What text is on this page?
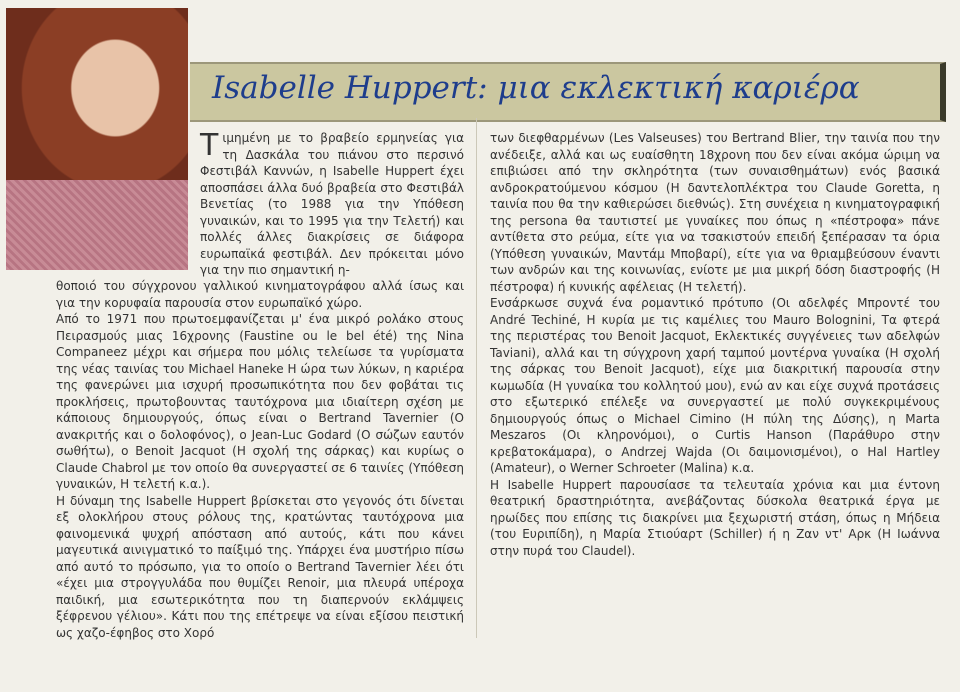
Isabelle Huppert: μια εκλεκτική καριέρα

Τ ιμημένη με το βραβείο ερμηνείας για τη Δασκάλα του πιάνου στο περσινό Φεστιβάλ Καννών, η Isabelle Huppert έχει αποσπάσει άλλα δυό βραβεία στο Φεστιβάλ Βενετίας (το 1988 για την Υπόθεση γυναικών, και το 1995 για την Τελετή) και πολλές άλλες διακρίσεις σε διάφορα ευρωπαϊκά φεστιβάλ. Δεν πρόκειται μόνο για την πιο σημαντική η-

θοποιό του σύγχρονου γαλλικού κινηματογράφου αλλά ίσως και για την κορυφαία παρουσία στον ευρωπαϊκό χώρο.

Από το 1971 που πρωτοεμφανίζεται μ' ένα μικρό ρολάκο στους Πειρασμούς μιας 16χρονης (Faustine ou le bel été) της Nina Companeez μέχρι και σήμερα που μόλις τελείωσε τα γυρίσματα της νέας ταινίας του Michael Haneke Η ώρα των λύκων, η καριέρα της φανερώνει μια ισχυρή προσωπικότητα που δεν φοβάται τις προκλήσεις, πρωτοβουντας ταυτόχρονα μια ιδιαίτερη σχέση με κάποιους δημιουργούς, όπως είναι ο Bertrand Tavernier (Ο ανακριτής και ο δολοφόνος), ο Jean-Luc Godard (Ο σώζων εαυτόν σωθήτω), ο Benoit Jacquot (Η σχολή της σάρκας) και κυρίως ο Claude Chabrol με τον οποίο θα συνεργαστεί σε 6 ταινίες (Υπόθεση γυναικών, Η τελετή κ.α.).

Η δύναμη της Isabelle Huppert βρίσκεται στο γεγονός ότι δίνεται εξ ολοκλήρου στους ρόλους της, κρατώντας ταυτόχρονα μια φαινομενικά ψυχρή απόσταση από αυτούς, κάτι που κάνει μαγευτικά αινιγματικό το παίξιμό της. Υπάρχει ένα μυστήριο πίσω από αυτό το πρόσωπο, για το οποίο ο Bertrand Tavernier λέει ότι «έχει μια στρογγυλάδα που θυμίζει Renoir, μια πλευρά υπέροχα παιδική, μια εσωτερικότητα που τη διαπερνούν εκλάμψεις ξέφρενου γέλιου». Κάτι που της επέτρεψε να είναι εξίσου πειστική ως χαζο-έφηβος στο Χορό

των διεφθαρμένων (Les Valseuses) του Bertrand Blier, την ταινία που την ανέδειξε, αλλά και ως ευαίσθητη 18χρονη που δεν είναι ακόμα ώριμη να επιβιώσει από την σκληρότητα (των συναισθημάτων) ενός βασικά ανδροκρατούμενου κόσμου (Η δαντελοπλέκτρα του Claude Goretta, η ταινία που θα την καθιερώσει διεθνώς). Στη συνέχεια η κινηματογραφική της persona θα ταυτιστεί με γυναίκες που όπως η «πέστροφα» πάνε αντίθετα στο ρεύμα, είτε για να τσακιστούν επειδή ξεπέρασαν τα όρια (Υπόθεση γυναικών, Μαντάμ Μποβαρί), είτε για να θριαμβεύσουν έναντι των ανδρών και της κοινωνίας, ενίοτε με μια μικρή δόση διαστροφής (Η πέστροφα) ή κυνικής αφέλειας (Η τελετή).

Ενσάρκωσε συχνά ένα ρομαντικό πρότυπο (Οι αδελφές Μπροντέ του André Techiné, Η κυρία με τις καμέλιες του Mauro Bolognini, Τα φτερά της περιστέρας του Benoit Jacquot, Εκλεκτικές συγγένειες των αδελφών Taviani), αλλά και τη σύγχρονη χαρή ταμπού μοντέρνα γυναίκα (Η σχολή της σάρκας του Benoit Jacquot), είχε μια διακριτική παρουσία στην κωμωδία (Η γυναίκα του κολλητού μου), ενώ αν και είχε συχνά προτάσεις στο εξωτερικό επέλεξε να συνεργαστεί με πολύ συγκεκριμένους δημιουργούς όπως ο Michael Cimino (Η πύλη της Δύσης), η Marta Meszaros (Οι κληρονόμοι), ο Curtis Hanson (Παράθυρο στην κρεβατοκάμαρα), ο Andrzej Wajda (Οι δαιμονισμένοι), ο Hal Hartley (Amateur), ο Werner Schroeter (Malina) κ.α.

Η Isabelle Huppert παρουσίασε τα τελευταία χρόνια και μια έντονη θεατρική δραστηριότητα, ανεβάζοντας δύσκολα θεατρικά έργα με ηρωίδες που επίσης τις διακρίνει μια ξεχωριστή στάση, όπως η Μήδεια (του Ευριπίδη), η Μαρία Στιούαρτ (Schiller) ή η Ζαν ντ' Αρκ (Η Ιωάννα στην πυρά του Claudel).
